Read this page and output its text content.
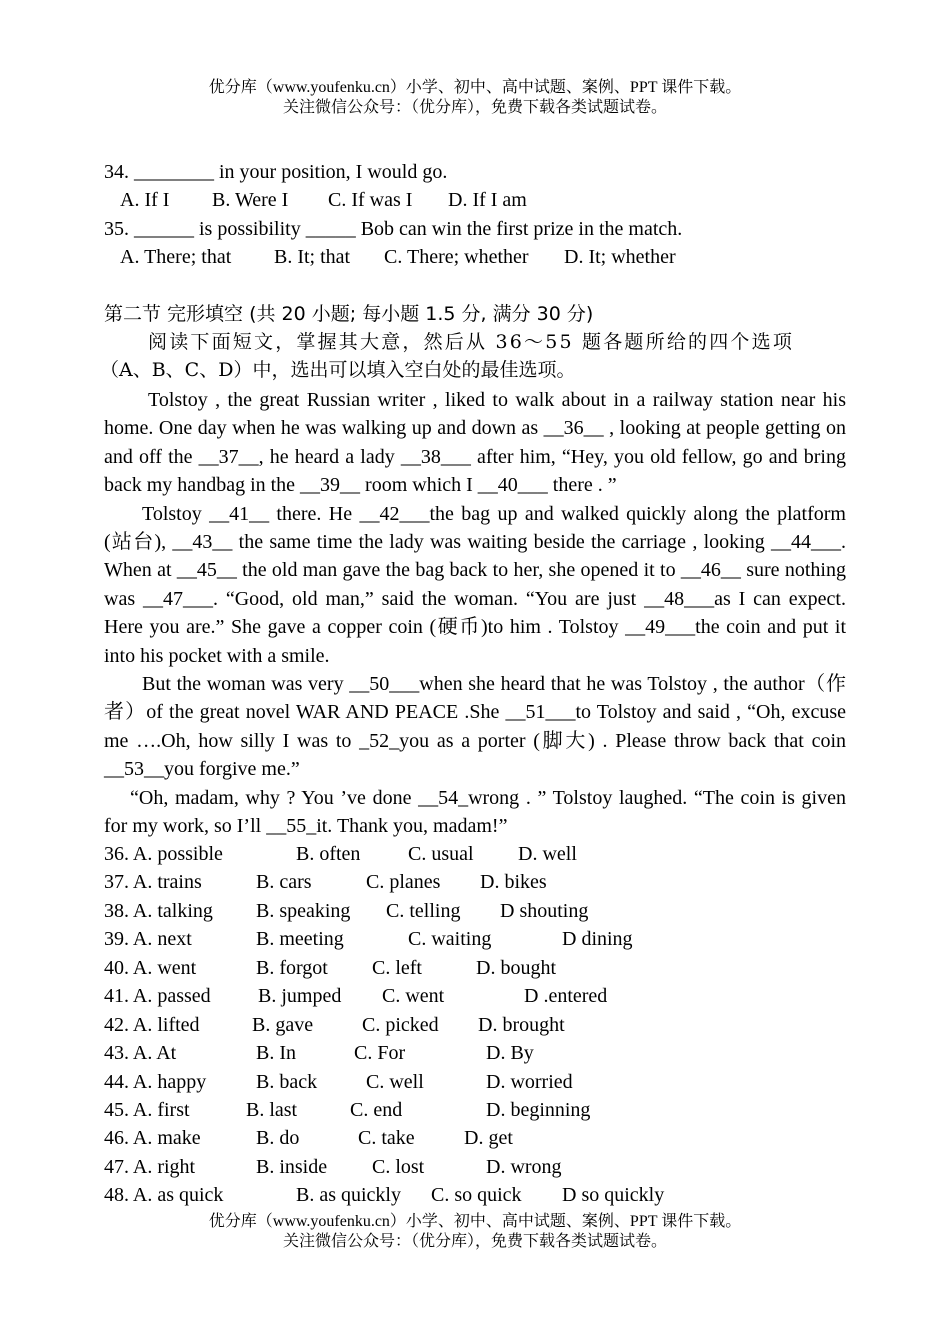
优分库（www.youfenku.cn）小学、初中、高中试题、案例、PPT 课件下载。
关注微信公众号：（优分库），免费下载各类试题试卷。
34. ________ in your position, I would go.
A. If I B. Were I C. If was I D. If I am
35. ______ is possibility _____ Bob can win the first prize in the match.
A. There; that B. It; that C. There; whether D. It; whether
第二节 完形填空 (共 20 小题; 每小题 1.5 分, 满分 30 分)

阅读下面短文，掌握其大意，然后从 36～55 题各题所给的四个选项

（A、B、C、D）中，选出可以填入空白处的最佳选项。

Tolstoy , the great Russian writer , liked to walk about in a railway station near his home. One day when he was walking up and down as __36__ , looking at people getting on and off the __37__, he heard a lady __38___ after him, “Hey, you old fellow, go and bring back my handbag in the __39__ room which I __40___ there . ”

Tolstoy __41__ there. He __42___the bag up and walked quickly along the platform (站台), __43__ the same time the lady was waiting beside the carriage , looking __44___. When at __45__ the old man gave the bag back to her, she opened it to __46__ sure nothing was __47___. “Good, old man,” said the woman. “You are just __48___as I can expect. Here you are.” She gave a copper coin (硬币)to him . Tolstoy __49___the coin and put it into his pocket with a smile.

But the woman was very __50___when she heard that he was Tolstoy , the author（作者）of the great novel WAR AND PEACE .She __51___to Tolstoy and said , “Oh, excuse me ….Oh, how silly I was to _52_you as a porter (脚大) . Please throw back that coin __53__you forgive me.”

“Oh, madam, why ? You ’ve done __54_wrong . ” Tolstoy laughed. “The coin is given for my work, so I’ll __55_it. Thank you, madam!”

36. A. possible	B. often C. usual D. well
37. A. trains	B. cars	C. planes D. bikes
38. A. talking B. speaking C. telling D shouting
39. A. next	B. meeting	C. waiting	D dining
40. A. went	B. forgot C. left	D. bought
41. A. passed B. jumped C. went	D .entered
42. A. lifted	B. gave C. picked D. brought
43. A. At	B. In	C. For	D. By
44. A. happy B. back C. well	D. worried
45. A. first	B. last	C. end	D. beginning
46. A. make	B. do	C. take D. get
47. A. right	B. inside C. lost	D. wrong
48. A. as quick	B. as quickly C. so quick D so quickly
优分库（www.youfenku.cn）小学、初中、高中试题、案例、PPT 课件下载。
关注微信公众号：（优分库），免费下载各类试题试卷。
